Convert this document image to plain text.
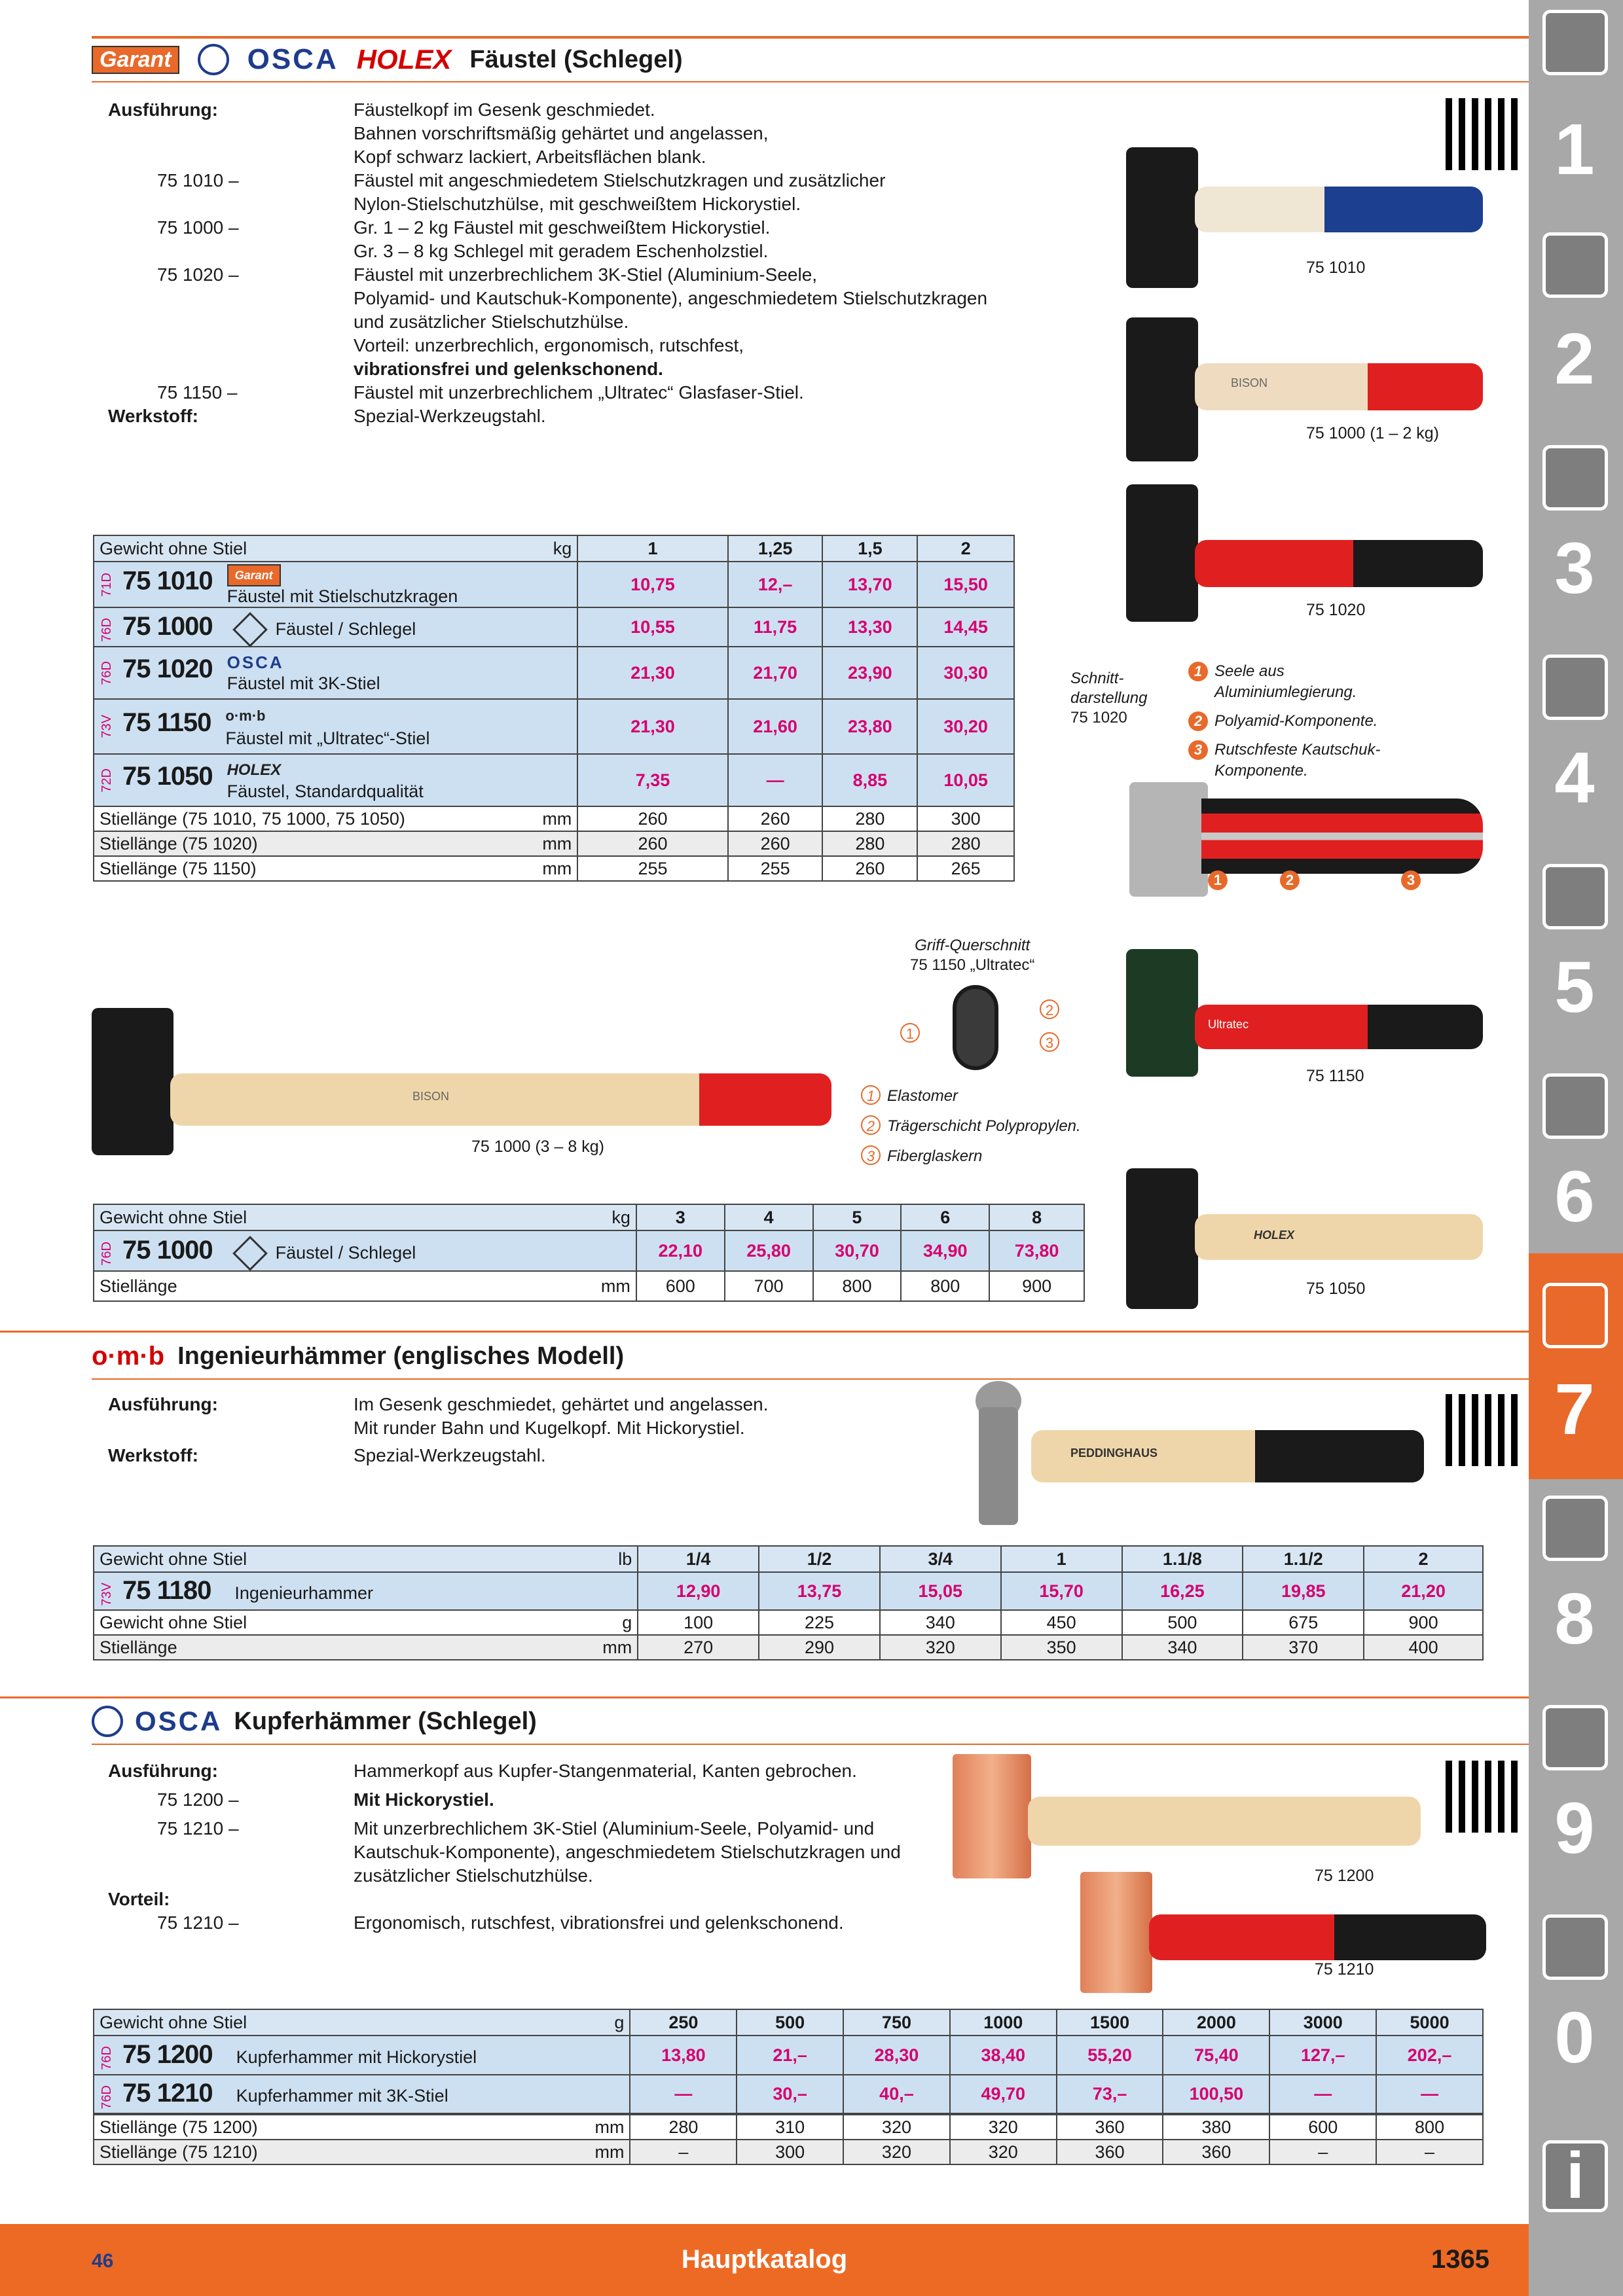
Garant	OSCA HOLEX Fäustel (Schlegel)
Ausführung:	Fäustelkopf im Gesenk geschmiedet.
Bahnen vorschriftsmäßig gehärtet und angelassen,
Kopf schwarz lackiert, Arbeitsflächen blank.
75 1010 –	Fäustel mit angeschmiedetem Stielschutzkragen und zusätzlicher
Nylon-Stielschutzhülse, mit geschweißtem Hickorystiel.
75 1000 –	Gr. 1 – 2 kg Fäustel mit geschweißtem Hickorystiel.
Gr. 3 – 8 kg Schlegel mit geradem Eschenholzstiel.
75 1020 –	Fäustel mit unzerbrechlichem 3K-Stiel (Aluminium-Seele,
Polyamid- und Kautschuk-Komponente), angeschmiedetem Stielschutzkragen
und zusätzlicher Stielschutzhülse.
Vorteil: unzerbrechlich, ergonomisch, rutschfest,
vibrationsfrei und gelenkschonend.
75 1150 –	Fäustel mit unzerbrechlichem „Ultratec“ Glasfaser-Stiel.
Werkstoff:	Spezial-Werkzeugstahl.
75 1010
BISON
75 1000 (1 – 2 kg)
75 1020
Schnitt-
darstellung
75 1020
1 Seele aus
Aluminiumlegierung.
2 Polyamid-Komponente.
3 Rutschfeste Kautschuk-
Komponente.
1	2	3
Ultratec
75 1150
HOLEX
75 1050
BISON
75 1000 (3 – 8 kg)
Griff-Querschnitt
75 1150 „Ultratec“
1
2
3
1 Elastomer
2 Trägerschicht Polypropylen.
3 Fiberglaskern
Gewicht ohne Stiel kg	1	1,25	1,5	2
71D 75 1010 Garant
Fäustel mit Stielschutzkragen	10,75	12,–	13,70	15,50
76D 75 1000 Fäustel / Schlegel	10,55	11,75	13,30	14,45
76D 75 1020 OSCA
Fäustel mit 3K-Stiel	21,30	21,70	23,90	30,30
73V 75 1150 o·m·b
Fäustel mit „Ultratec“-Stiel	21,30	21,60	23,80	30,20
72D 75 1050 HOLEX
Fäustel, Standardqualität	7,35	—	8,85	10,05
Stiellänge (75 1010, 75 1000, 75 1050) mm	260	260	280	300
Stiellänge (75 1020) mm	260	260	280	280
Stiellänge (75 1150) mm	255	255	260	265
Gewicht ohne Stiel kg	3	4	5	6	8
76D 75 1000 Fäustel / Schlegel	22,10	25,80	30,70	34,90	73,80
Stiellänge mm	600	700	800	800	900
o·m·b Ingenieurhämmer (englisches Modell)
Ausführung:	Im Gesenk geschmiedet, gehärtet und angelassen.
Mit runder Bahn und Kugelkopf. Mit Hickorystiel.
Werkstoff:	Spezial-Werkzeugstahl.	PEDDINGHAUS
Gewicht ohne Stiel lb	1/4	1/2	3/4	1	1.1/8	1.1/2	2
73V 75 1180 Ingenieurhammer	12,90	13,75	15,05	15,70	16,25	19,85	21,20
Gewicht ohne Stiel g	100	225	340	450	500	675	900
Stiellänge mm	270	290	320	350	340	370	400
OSCA Kupferhämmer (Schlegel)
Ausführung:	Hammerkopf aus Kupfer-Stangenmaterial, Kanten gebrochen.
75 1200 –	Mit Hickorystiel.
75 1210 –	Mit unzerbrechlichem 3K-Stiel (Aluminium-Seele, Polyamid- und
Kautschuk-Komponente), angeschmiedetem Stielschutzkragen und
zusätzlicher Stielschutzhülse.
Vorteil:
75 1210 –	Ergonomisch, rutschfest, vibrationsfrei und gelenkschonend.
75 1200
75 1210
Gewicht ohne Stiel g	250	500	750	1000	1500	2000	3000	5000
76D 75 1200 Kupferhammer mit Hickorystiel	13,80	21,–	28,30	38,40	55,20	75,40	127,–	202,–
76D 75 1210 Kupferhammer mit 3K-Stiel	—	30,–	40,–	49,70	73,–	100,50	—	—
Stiellänge (75 1200) mm	280	310	320	320	360	380	600	800
Stiellänge (75 1210) mm	–	300	320	320	360	360	–	–
1
2
3
4
5
6
7
8
9
0
i
46	Hauptkatalog	1365
